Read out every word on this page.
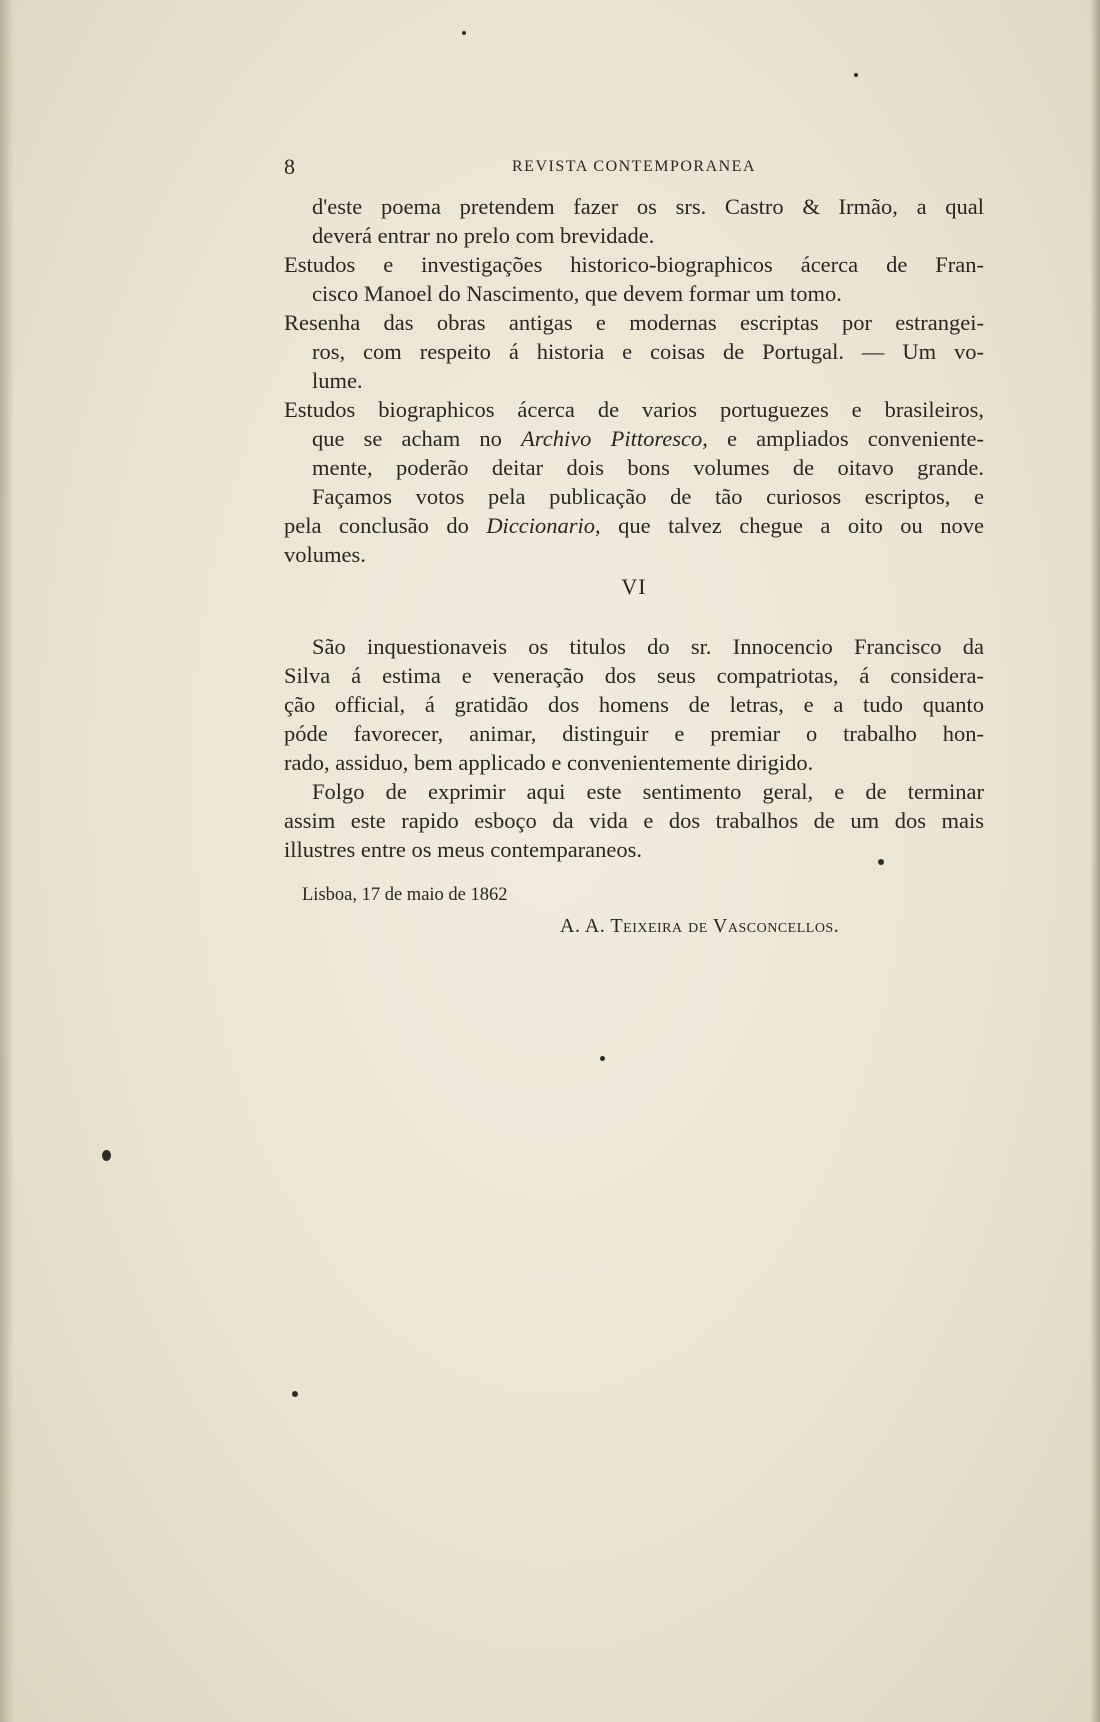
8	REVISTA CONTEMPORANEA
d'este poema pretendem fazer os srs. Castro & Irmão, a qual
deverá entrar no prelo com brevidade.
Estudos e investigações historico-biographicos ácerca de Fran-
cisco Manoel do Nascimento, que devem formar um tomo.
Resenha das obras antigas e modernas escriptas por estrangei-
ros, com respeito á historia e coisas de Portugal. — Um vo-
lume.
Estudos biographicos ácerca de varios portuguezes e brasileiros,
que se acham no Archivo Pittoresco, e ampliados conveniente-
mente, poderão deitar dois bons volumes de oitavo grande.
Façamos votos pela publicação de tão curiosos escriptos, e
pela conclusão do Diccionario, que talvez chegue a oito ou nove
volumes.
VI
São inquestionaveis os titulos do sr. Innocencio Francisco da
Silva á estima e veneração dos seus compatriotas, á considera-
ção official, á gratidão dos homens de letras, e a tudo quanto
póde favorecer, animar, distinguir e premiar o trabalho hon-
rado, assiduo, bem applicado e convenientemente dirigido.
Folgo de exprimir aqui este sentimento geral, e de terminar
assim este rapido esboço da vida e dos trabalhos de um dos mais
illustres entre os meus contemparaneos.
Lisboa, 17 de maio de 1862
A. A. Teixeira de Vasconcellos.
